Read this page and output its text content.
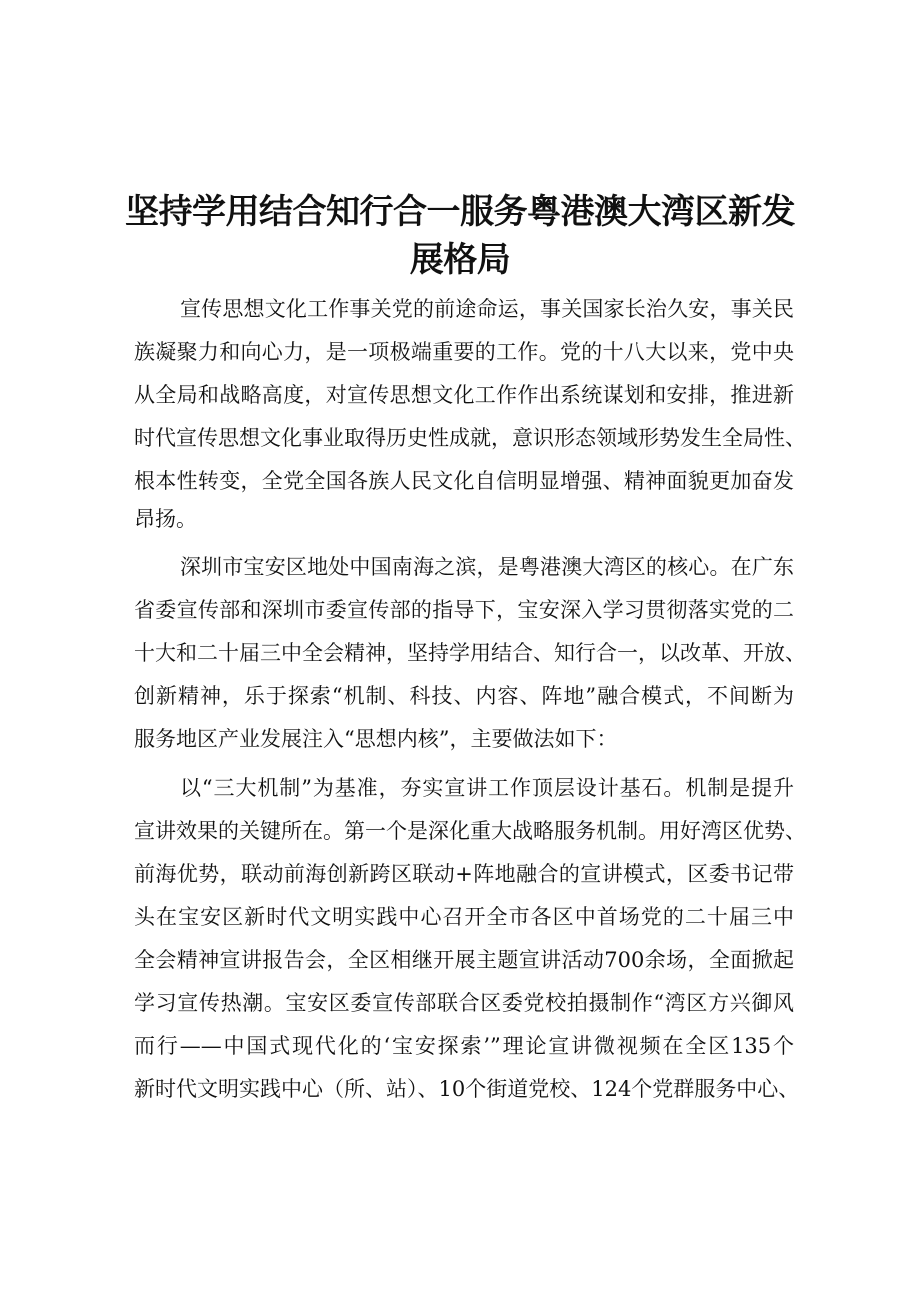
坚持学用结合知行合一服务粤港澳大湾区新发
展格局
宣传思想文化工作事关党的前途命运，事关国家长治久安，事关民
族凝聚力和向心力，是一项极端重要的工作。党的十八大以来，党中央
从全局和战略高度，对宣传思想文化工作作出系统谋划和安排，推进新
时代宣传思想文化事业取得历史性成就，意识形态领域形势发生全局性、
根本性转变，全党全国各族人民文化自信明显增强、精神面貌更加奋发
昂扬。
深圳市宝安区地处中国南海之滨，是粤港澳大湾区的核心。在广东
省委宣传部和深圳市委宣传部的指导下，宝安深入学习贯彻落实党的二
十大和二十届三中全会精神，坚持学用结合、知行合一，以改革、开放、
创新精神，乐于探索“机制、科技、内容、阵地”融合模式，不间断为
服务地区产业发展注入“思想内核”，主要做法如下：
以“三大机制”为基准，夯实宣讲工作顶层设计基石。机制是提升
宣讲效果的关键所在。第一个是深化重大战略服务机制。用好湾区优势、
前海优势，联动前海创新跨区联动+阵地融合的宣讲模式，区委书记带
头在宝安区新时代文明实践中心召开全市各区中首场党的二十届三中
全会精神宣讲报告会，全区相继开展主题宣讲活动700余场，全面掀起
学习宣传热潮。宝安区委宣传部联合区委党校拍摄制作“湾区方兴御风
而行——中国式现代化的‘宝安探索’”理论宣讲微视频在全区135个
新时代文明实践中心（所、站）、10个街道党校、124个党群服务中心、
